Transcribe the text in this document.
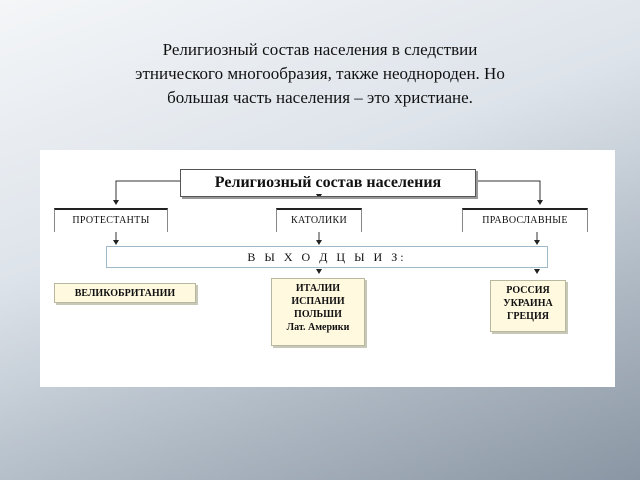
Религиозный состав населения в следствии
этнического многообразия, также неоднороден. Но
большая часть населения – это христиане.
Религиозный состав населения
ПРОТЕСТАНТЫ	КАТОЛИКИ	ПРАВОСЛАВНЫЕ
В Ы Х О Д Ц Ы И З:
ВЕЛИКОБРИТАНИИ	ИТАЛИИ
ИСПАНИИ
ПОЛЬШИ
Лат. Америки
РОССИЯ
УКРАИНА
ГРЕЦИЯ
